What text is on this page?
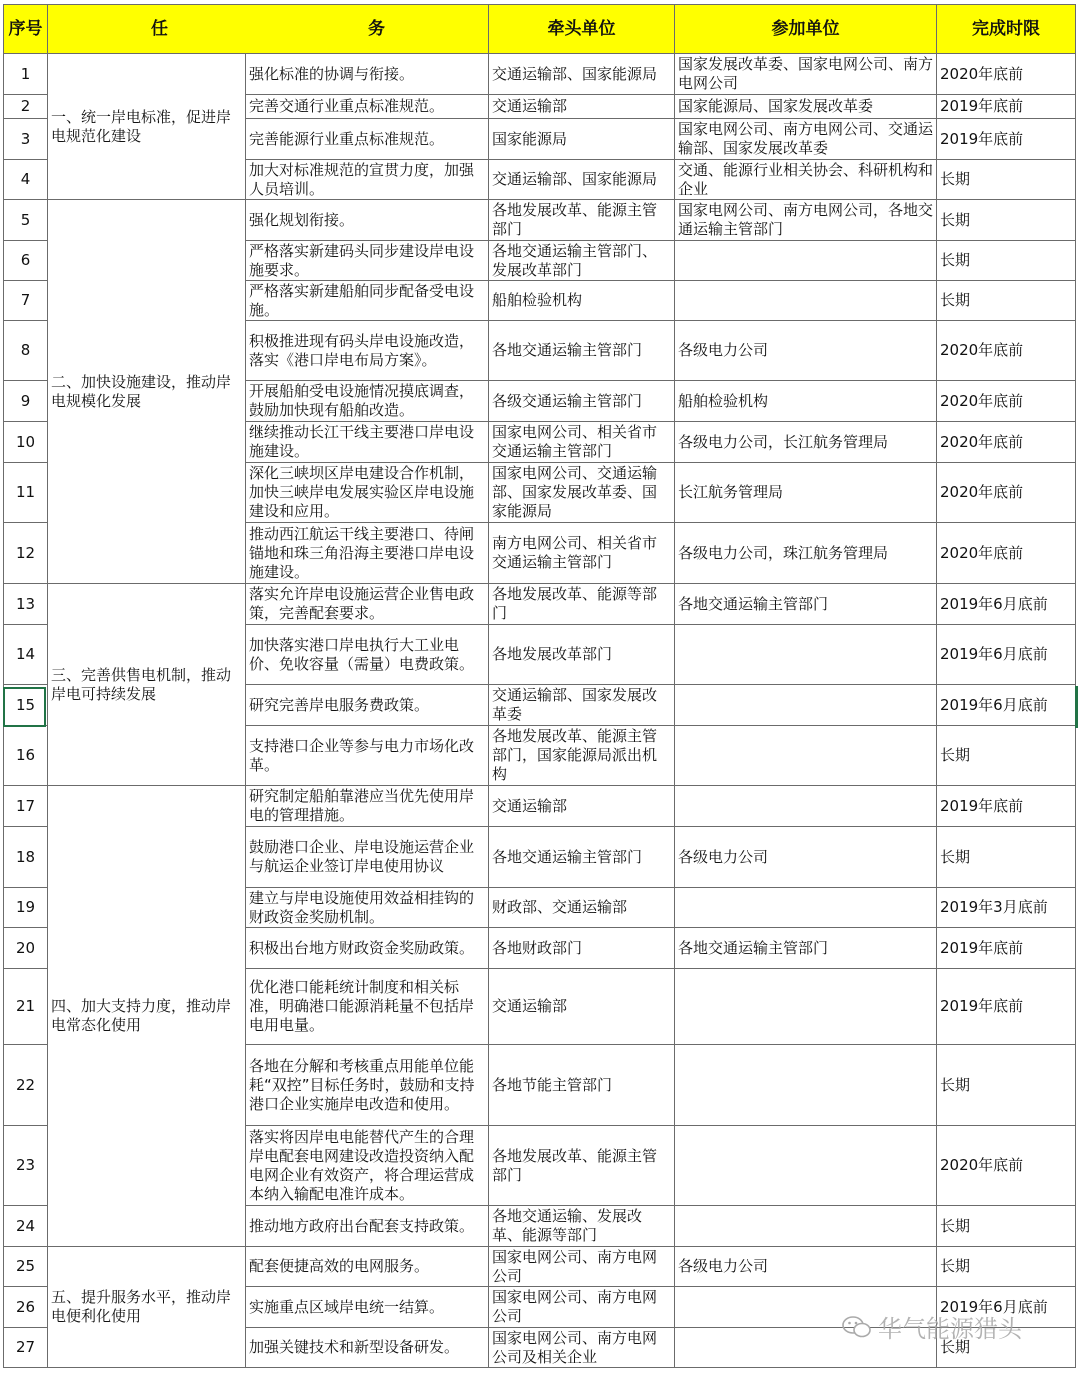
序号	任 务		牵头单位	参加单位	完成时限
1	一、统一岸电标准，促进岸电规范化建设	强化标准的协调与衔接。	交通运输部、国家能源局	国家发展改革委、国家电网公司、南方电网公司	2020年底前
2		完善交通行业重点标准规范。	交通运输部	国家能源局、国家发展改革委	2019年底前
3		完善能源行业重点标准规范。	国家能源局	国家电网公司、南方电网公司、交通运输部、国家发展改革委	2019年底前
4		加大对标准规范的宣贯力度，加强人员培训。	交通运输部、国家能源局	交通、能源行业相关协会、科研机构和企业	长期
5	二、加快设施建设，推动岸电规模化发展	强化规划衔接。	各地发展改革、能源主管部门	国家电网公司、南方电网公司，各地交通运输主管部门	长期
6		严格落实新建码头同步建设岸电设施要求。	各地交通运输主管部门、发展改革部门		长期
7		严格落实新建船舶同步配备受电设施。	船舶检验机构		长期
8		积极推进现有码头岸电设施改造，落实《港口岸电布局方案》。	各地交通运输主管部门	各级电力公司	2020年底前
9		开展船舶受电设施情况摸底调查，鼓励加快现有船舶改造。	各级交通运输主管部门	船舶检验机构	2020年底前
10		继续推动长江干线主要港口岸电设施建设。	国家电网公司、相关省市交通运输主管部门	各级电力公司，长江航务管理局	2020年底前
11		深化三峡坝区岸电建设合作机制，加快三峡岸电发展实验区岸电设施建设和应用。	国家电网公司、交通运输部、国家发展改革委、国家能源局	长江航务管理局	2020年底前
12		推动西江航运干线主要港口、待闸锚地和珠三角沿海主要港口岸电设施建设。	南方电网公司、相关省市交通运输主管部门	各级电力公司，珠江航务管理局	2020年底前
13	三、完善供售电机制，推动岸电可持续发展	落实允许岸电设施运营企业售电政策，完善配套要求。	各地发展改革、能源等部门	各地交通运输主管部门	2019年6月底前
14		加快落实港口岸电执行大工业电价、免收容量（需量）电费政策。	各地发展改革部门		2019年6月底前
15		研究完善岸电服务费政策。	交通运输部、国家发展改革委		2019年6月底前
16		支持港口企业等参与电力市场化改革。	各地发展改革、能源主管部门，国家能源局派出机构		长期
17	四、加大支持力度，推动岸电常态化使用	研究制定船舶靠港应当优先使用岸电的管理措施。	交通运输部		2019年底前
18		鼓励港口企业、岸电设施运营企业与航运企业签订岸电使用协议	各地交通运输主管部门	各级电力公司	长期
19		建立与岸电设施使用效益相挂钩的财政资金奖励机制。	财政部、交通运输部		2019年3月底前
20		积极出台地方财政资金奖励政策。	各地财政部门	各地交通运输主管部门	2019年底前
21		优化港口能耗统计制度和相关标准，明确港口能源消耗量不包括岸电用电量。	交通运输部		2019年底前
22		各地在分解和考核重点用能单位能耗“双控”目标任务时，鼓励和支持港口企业实施岸电改造和使用。	各地节能主管部门		长期
23		落实将因岸电电能替代产生的合理岸电配套电网建设改造投资纳入配电网企业有效资产，将合理运营成本纳入输配电准许成本。	各地发展改革、能源主管部门		2020年底前
24		推动地方政府出台配套支持政策。	各地交通运输、发展改革、能源等部门		长期
25	五、提升服务水平，推动岸电便利化使用	配套便捷高效的电网服务。	国家电网公司、南方电网公司	各级电力公司	长期
26		实施重点区域岸电统一结算。	国家电网公司、南方电网公司		2019年6月底前
27		加强关键技术和新型设备研发。	国家电网公司、南方电网公司及相关企业		长期
华气能源猎头
